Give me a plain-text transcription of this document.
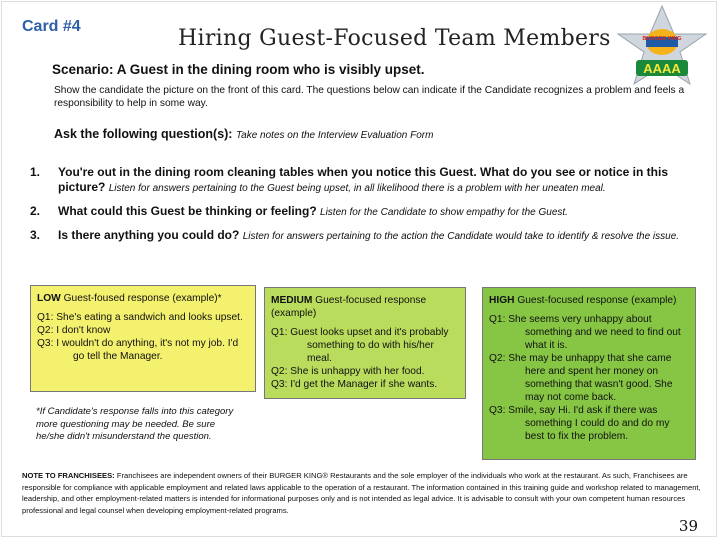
Card #4	Hiring Guest-Focused Team Members	BURGER KING
AAAA
Scenario: A Guest in the dining room who is visibly upset.
Show the candidate the picture on the front of this card. The questions below can indicate if the Candidate recognizes a problem and feels a responsibility to help in some way.
Ask the following question(s): Take notes on the Interview Evaluation Form
1. You're out in the dining room cleaning tables when you notice this Guest. What do you see or notice in this picture? Listen for answers pertaining to the Guest being upset, in all likelihood there is a problem with her uneaten meal.
2. What could this Guest be thinking or feeling? Listen for the Candidate to show empathy for the Guest.
3. Is there anything you could do? Listen for answers pertaining to the action the Candidate would take to identify & resolve the issue.
LOW Guest-foused response (example)*

Q1: She's eating a sandwich and looks upset.

Q2: I don't know

Q3: I wouldn't do anything, it's not my job. I'd go tell the Manager.

MEDIUM Guest-focused response (example)

Q1: Guest looks upset and it's probably something to do with his/her meal.

Q2: She is unhappy with her food.

Q3: I'd get the Manager if she wants.

HIGH Guest-focused response (example)

Q1: She seems very unhappy about something and we need to find out what it is.

Q2: She may be unhappy that she came here and spent her money on something that wasn't good. She may not come back.

Q3: Smile, say Hi. I'd ask if there was something I could do and do my best to fix the problem.

*If Candidate's response falls into this category more questioning may be needed. Be sure he/she didn't misunderstand the question.
NOTE TO FRANCHISEES: Franchisees are independent owners of their BURGER KING® Restaurants and the sole employer of the individuals who work at the restaurant. As such, Franchisees are responsible for compliance with applicable employment and related laws applicable to the operation of a restaurant. The information contained in this training guide and workshop related to management, leadership, and other employment-related matters is intended for informational purposes only and is not intended as legal advice. It is advisable to consult with your own competent human resources professional and legal counsel when developing employment-related programs.
39
